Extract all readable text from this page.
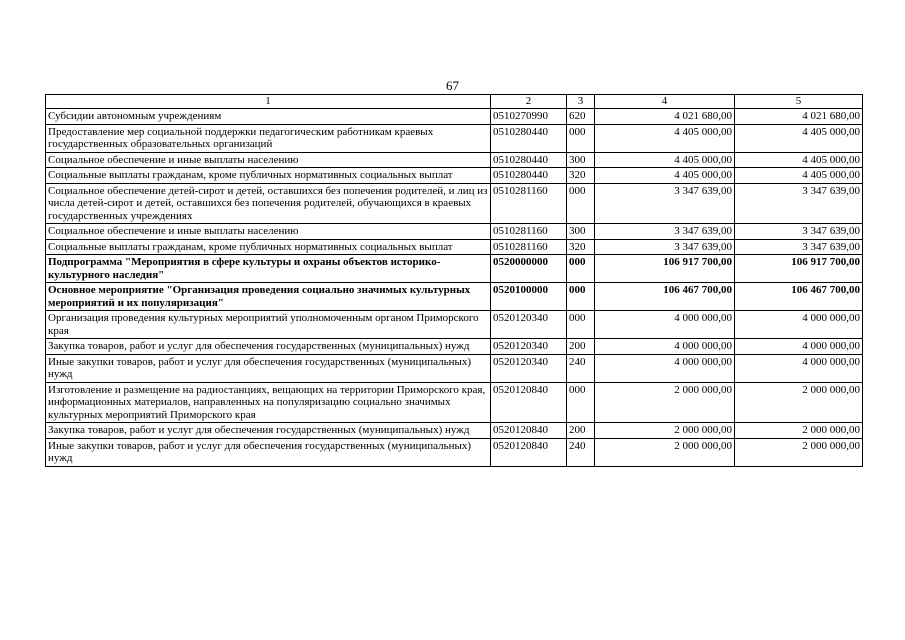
67
1	2	3	4	5
Субсидии автономным учреждениям	0510270990	620	4 021 680,00	4 021 680,00
Предоставление мер социальной поддержки педагогическим работникам краевых государственных образовательных организаций	0510280440	000	4 405 000,00	4 405 000,00
Социальное обеспечение и иные выплаты населению	0510280440	300	4 405 000,00	4 405 000,00
Социальные выплаты гражданам, кроме публичных нормативных социальных выплат	0510280440	320	4 405 000,00	4 405 000,00
Социальное обеспечение детей-сирот и детей, оставшихся без попечения родителей, и лиц из числа детей-сирот и детей, оставшихся без попечения родителей, обучающихся в краевых государственных учреждениях	0510281160	000	3 347 639,00	3 347 639,00
Социальное обеспечение и иные выплаты населению	0510281160	300	3 347 639,00	3 347 639,00
Социальные выплаты гражданам, кроме публичных нормативных социальных выплат	0510281160	320	3 347 639,00	3 347 639,00
Подпрограмма "Мероприятия в сфере культуры и охраны объектов историко-культурного наследия"	0520000000	000	106 917 700,00	106 917 700,00
Основное мероприятие "Организация проведения социально значимых культурных мероприятий и их популяризация"	0520100000	000	106 467 700,00	106 467 700,00
Организация проведения культурных мероприятий уполномоченным органом Приморского края	0520120340	000	4 000 000,00	4 000 000,00
Закупка товаров, работ и услуг для обеспечения государственных (муниципальных) нужд	0520120340	200	4 000 000,00	4 000 000,00
Иные закупки товаров, работ и услуг для обеспечения государственных (муниципальных) нужд	0520120340	240	4 000 000,00	4 000 000,00
Изготовление и размещение на радиостанциях, вещающих на территории Приморского края, информационных материалов, направленных на популяризацию социально значимых культурных мероприятий Приморского края	0520120840	000	2 000 000,00	2 000 000,00
Закупка товаров, работ и услуг для обеспечения государственных (муниципальных) нужд	0520120840	200	2 000 000,00	2 000 000,00
Иные закупки товаров, работ и услуг для обеспечения государственных (муниципальных) нужд	0520120840	240	2 000 000,00	2 000 000,00
